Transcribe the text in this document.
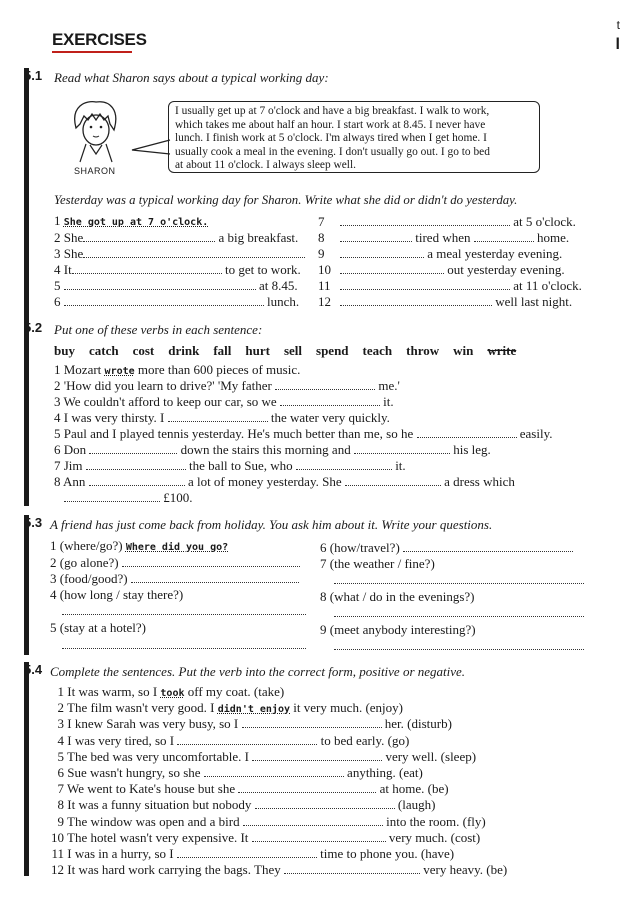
EXERCISES
t
l
5.1 Read what Sharon says about a typical working day:
SHARON
I usually get up at 7 o'clock and have a big breakfast. I walk to work,
which takes me about half an hour. I start work at 8.45. I never have
lunch. I finish work at 5 o'clock. I'm always tired when I get home. I
usually cook a meal in the evening. I don't usually go out. I go to bed
at about 11 o'clock. I always sleep well.
Yesterday was a typical working day for Sharon. Write what she did or didn't do yesterday.
1 She got up at 7 o'clock.
2 She	a big breakfast.
3 She
4 It	to get to work.
5	at 8.45.
6	lunch.
7	at 5 o'clock.
8	tired when	home.
9	a meal yesterday evening.
10	out yesterday evening.
11	at 11 o'clock.
12	well last night.
5.2 Put one of these verbs in each sentence:
buy catch cost drink fall hurt sell spend teach throw win write
1 Mozart wrote more than 600 pieces of music.
2 'How did you learn to drive?' 'My father	me.'
3 We couldn't afford to keep our car, so we	it.
4 I was very thirsty. I	the water very quickly.
5 Paul and I played tennis yesterday. He's much better than me, so he	easily.
6 Don	down the stairs this morning and	his leg.
7 Jim	the ball to Sue, who	it.
8 Ann	a lot of money yesterday. She	a dress which
£100.
5.3 A friend has just come back from holiday. You ask him about it. Write your questions.
1 (where/go?) Where did you go?
2 (go alone?)
3 (food/good?)
4 (how long / stay there?)
5 (stay at a hotel?)
6 (how/travel?)
7 (the weather / fine?)
8 (what / do in the evenings?)
9 (meet anybody interesting?)
5.4 Complete the sentences. Put the verb into the correct form, positive or negative.
1 It was warm, so I took off my coat. (take)
2 The film wasn't very good. I didn't enjoy it very much. (enjoy)
3 I knew Sarah was very busy, so I	her. (disturb)
4 I was very tired, so I	to bed early. (go)
5 The bed was very uncomfortable. I	very well. (sleep)
6 Sue wasn't hungry, so she	anything. (eat)
7 We went to Kate's house but she	at home. (be)
8 It was a funny situation but nobody	(laugh)
9 The window was open and a bird	into the room. (fly)
10 The hotel wasn't very expensive. It	very much. (cost)
11 I was in a hurry, so I	time to phone you. (have)
12 It was hard work carrying the bags. They	very heavy. (be)
